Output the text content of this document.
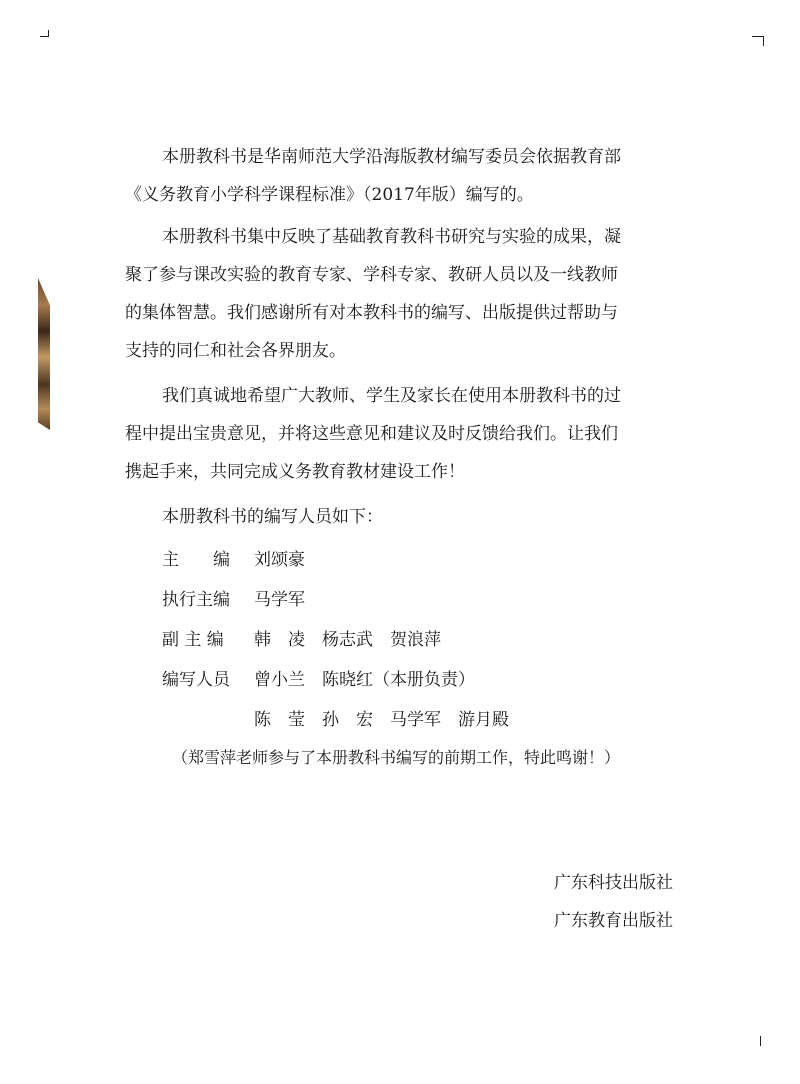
本册教科书是华南师范大学沿海版教材编写委员会依据教育部
《义务教育小学科学课程标准》（2017年版）编写的。
本册教科书集中反映了基础教育教科书研究与实验的成果，凝
聚了参与课改实验的教育专家、学科专家、教研人员以及一线教师
的集体智慧。我们感谢所有对本教科书的编写、出版提供过帮助与
支持的同仁和社会各界朋友。
我们真诚地希望广大教师、学生及家长在使用本册教科书的过
程中提出宝贵意见，并将这些意见和建议及时反馈给我们。让我们
携起手来，共同完成义务教育教材建设工作！
本册教科书的编写人员如下：
主　　编 刘颂豪
执行主编 马学军
副 主 编 韩　凌　杨志武　贺浪萍
编写人员 曾小兰　陈晓红（本册负责）
陈　莹　孙　宏　马学军　游月殿
（郑雪萍老师参与了本册教科书编写的前期工作，特此鸣谢！）
广东科技出版社
广东教育出版社
